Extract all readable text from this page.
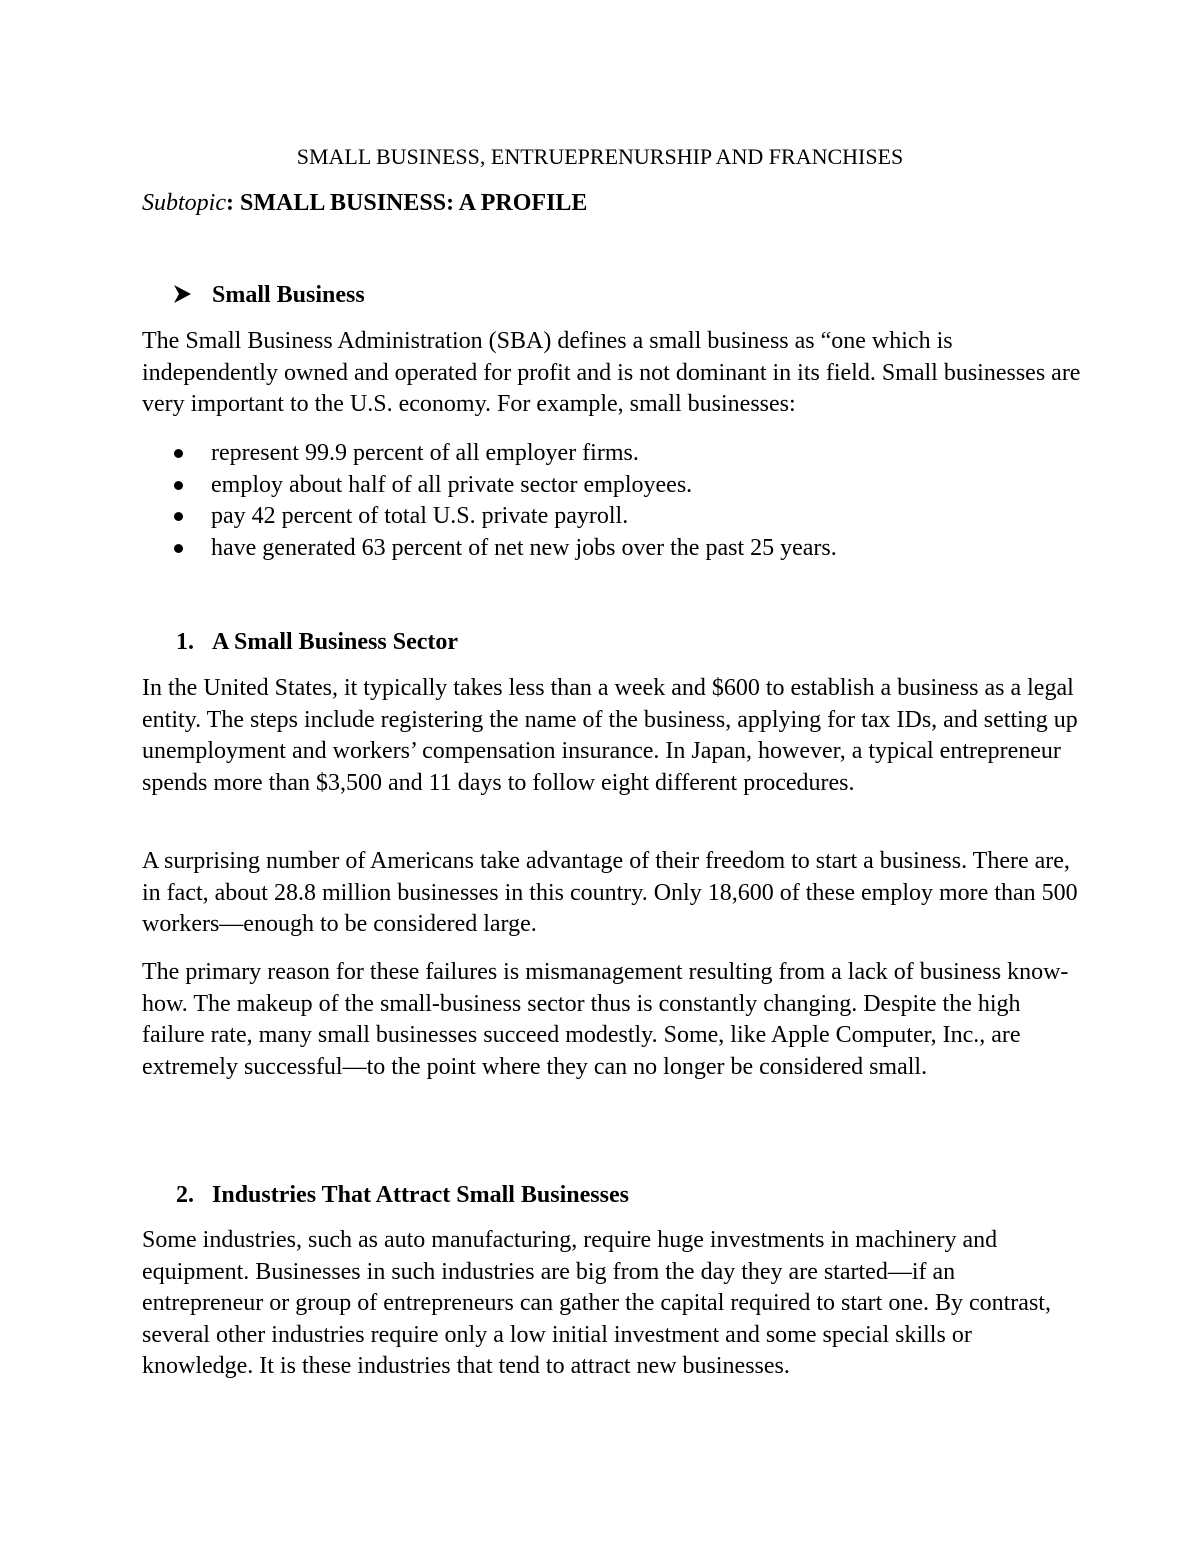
SMALL BUSINESS, ENTRUEPRENURSHIP AND FRANCHISES
Subtopic: SMALL BUSINESS: A PROFILE
Small Business

The Small Business Administration (SBA) defines a small business as “one which is independently owned and operated for profit and is not dominant in its field. Small businesses are very important to the U.S. economy. For example, small businesses:

represent 99.9 percent of all employer firms.
employ about half of all private sector employees.
pay 42 percent of total U.S. private payroll.
have generated 63 percent of net new jobs over the past 25 years.
1. A Small Business Sector

In the United States, it typically takes less than a week and $600 to establish a business as a legal entity. The steps include registering the name of the business, applying for tax IDs, and setting up unemployment and workers’ compensation insurance. In Japan, however, a typical entrepreneur spends more than $3,500 and 11 days to follow eight different procedures.

A surprising number of Americans take advantage of their freedom to start a business. There are, in fact, about 28.8 million businesses in this country. Only 18,600 of these employ more than 500 workers—enough to be considered large.

The primary reason for these failures is mismanagement resulting from a lack of business know-how. The makeup of the small-business sector thus is constantly changing. Despite the high failure rate, many small businesses succeed modestly. Some, like Apple Computer, Inc., are extremely successful—to the point where they can no longer be considered small.

2. Industries That Attract Small Businesses

Some industries, such as auto manufacturing, require huge investments in machinery and equipment. Businesses in such industries are big from the day they are started—if an entrepreneur or group of entrepreneurs can gather the capital required to start one. By contrast, several other industries require only a low initial investment and some special skills or knowledge. It is these industries that tend to attract new businesses.
